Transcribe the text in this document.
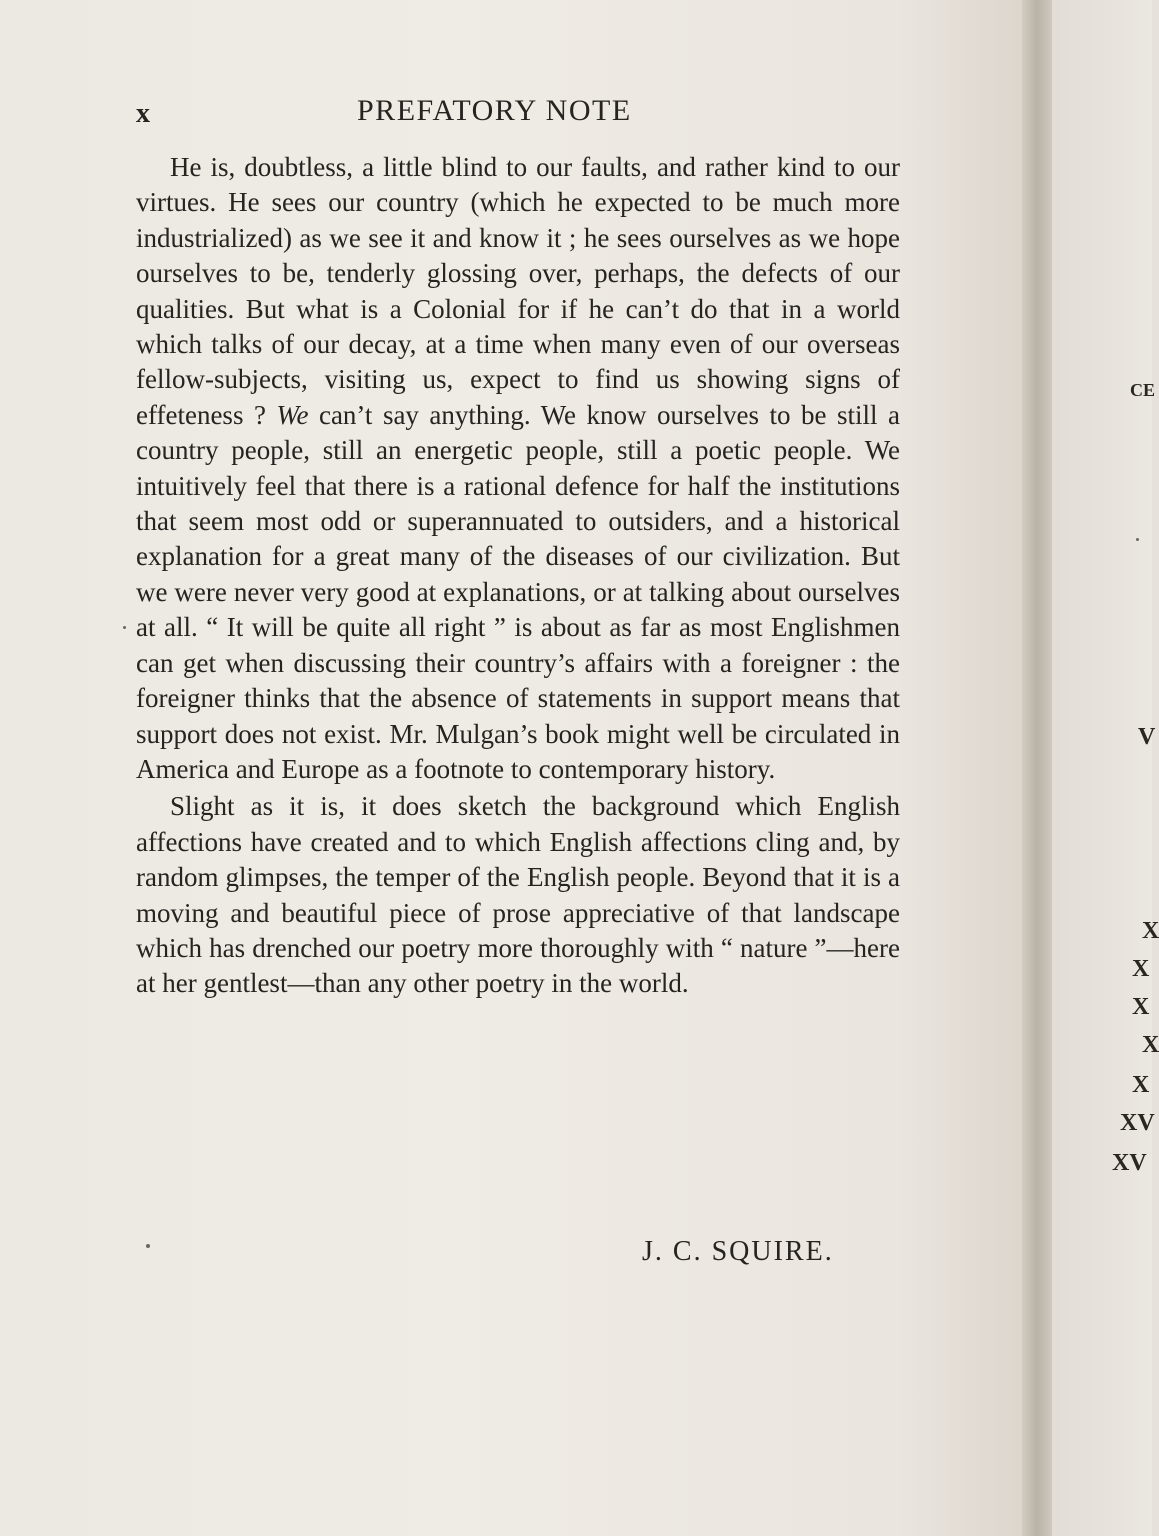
x	PREFATORY NOTE

He is, doubtless, a little blind to our faults, and rather kind to our virtues. He sees our country (which he expected to be much more industrialized) as we see it and know it ; he sees ourselves as we hope ourselves to be, tenderly glossing over, perhaps, the defects of our qualities. But what is a Colonial for if he can’t do that in a world which talks of our decay, at a time when many even of our overseas fellow-subjects, visiting us, expect to find us showing signs of effeteness ? We can’t say anything. We know ourselves to be still a country people, still an energetic people, still a poetic people. We intuitively feel that there is a rational defence for half the institutions that seem most odd or superannuated to outsiders, and a historical explanation for a great many of the diseases of our civilization. But we were never very good at explanations, or at talking about ourselves at all. “ It will be quite all right ” is about as far as most Englishmen can get when discussing their country’s affairs with a foreigner : the foreigner thinks that the absence of statements in support means that support does not exist. Mr. Mulgan’s book might well be circulated in America and Europe as a footnote to contemporary history.

Slight as it is, it does sketch the background which English affections have created and to which English affections cling and, by random glimpses, the temper of the English people. Beyond that it is a moving and beautiful piece of prose appreciative of that landscape which has drenched our poetry more thoroughly with “ nature ”—here at her gentlest—than any other poetry in the world.

J. C. SQUIRE.
CE
V
X
X
X
X
X
XV
XV
